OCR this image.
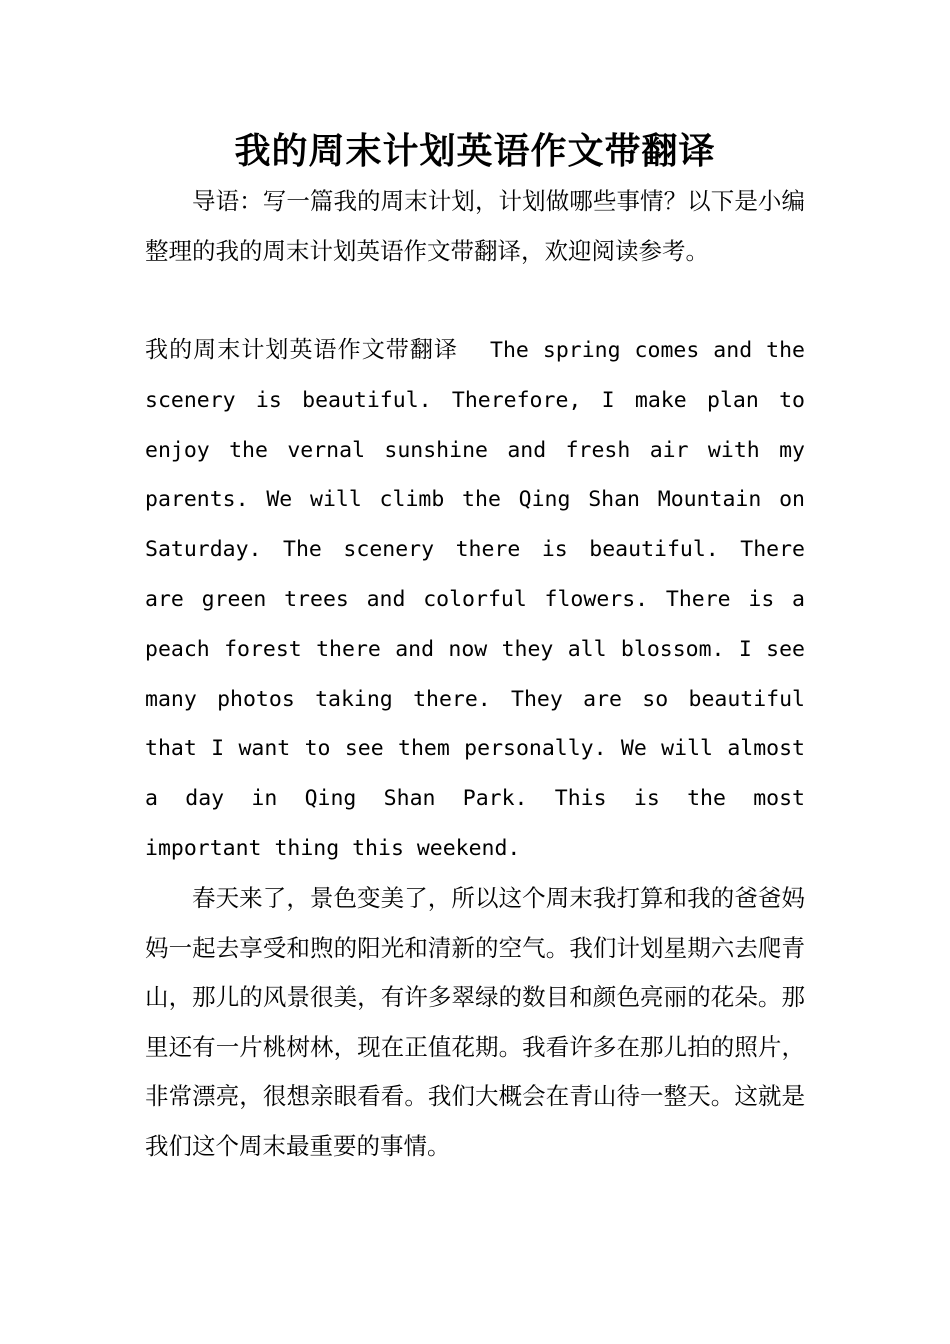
我的周末计划英语作文带翻译

导语：写一篇我的周末计划，计划做哪些事情？以下是小编整理的我的周末计划英语作文带翻译，欢迎阅读参考。

我的周末计划英语作文带翻译 The spring comes and the scenery is beautiful. Therefore, I make plan to enjoy the vernal sunshine and fresh air with my parents. We will climb the Qing Shan Mountain on Saturday. The scenery there is beautiful. There are green trees and colorful flowers. There is a peach forest there and now they all blossom. I see many photos taking there. They are so beautiful that I want to see them personally. We will almost a day in Qing Shan Park. This is the most important thing this weekend.

春天来了，景色变美了，所以这个周末我打算和我的爸爸妈妈一起去享受和煦的阳光和清新的空气。我们计划星期六去爬青山，那儿的风景很美，有许多翠绿的数目和颜色亮丽的花朵。那里还有一片桃树林，现在正值花期。我看许多在那儿拍的照片，非常漂亮，很想亲眼看看。我们大概会在青山待一整天。这就是我们这个周末最重要的事情。
